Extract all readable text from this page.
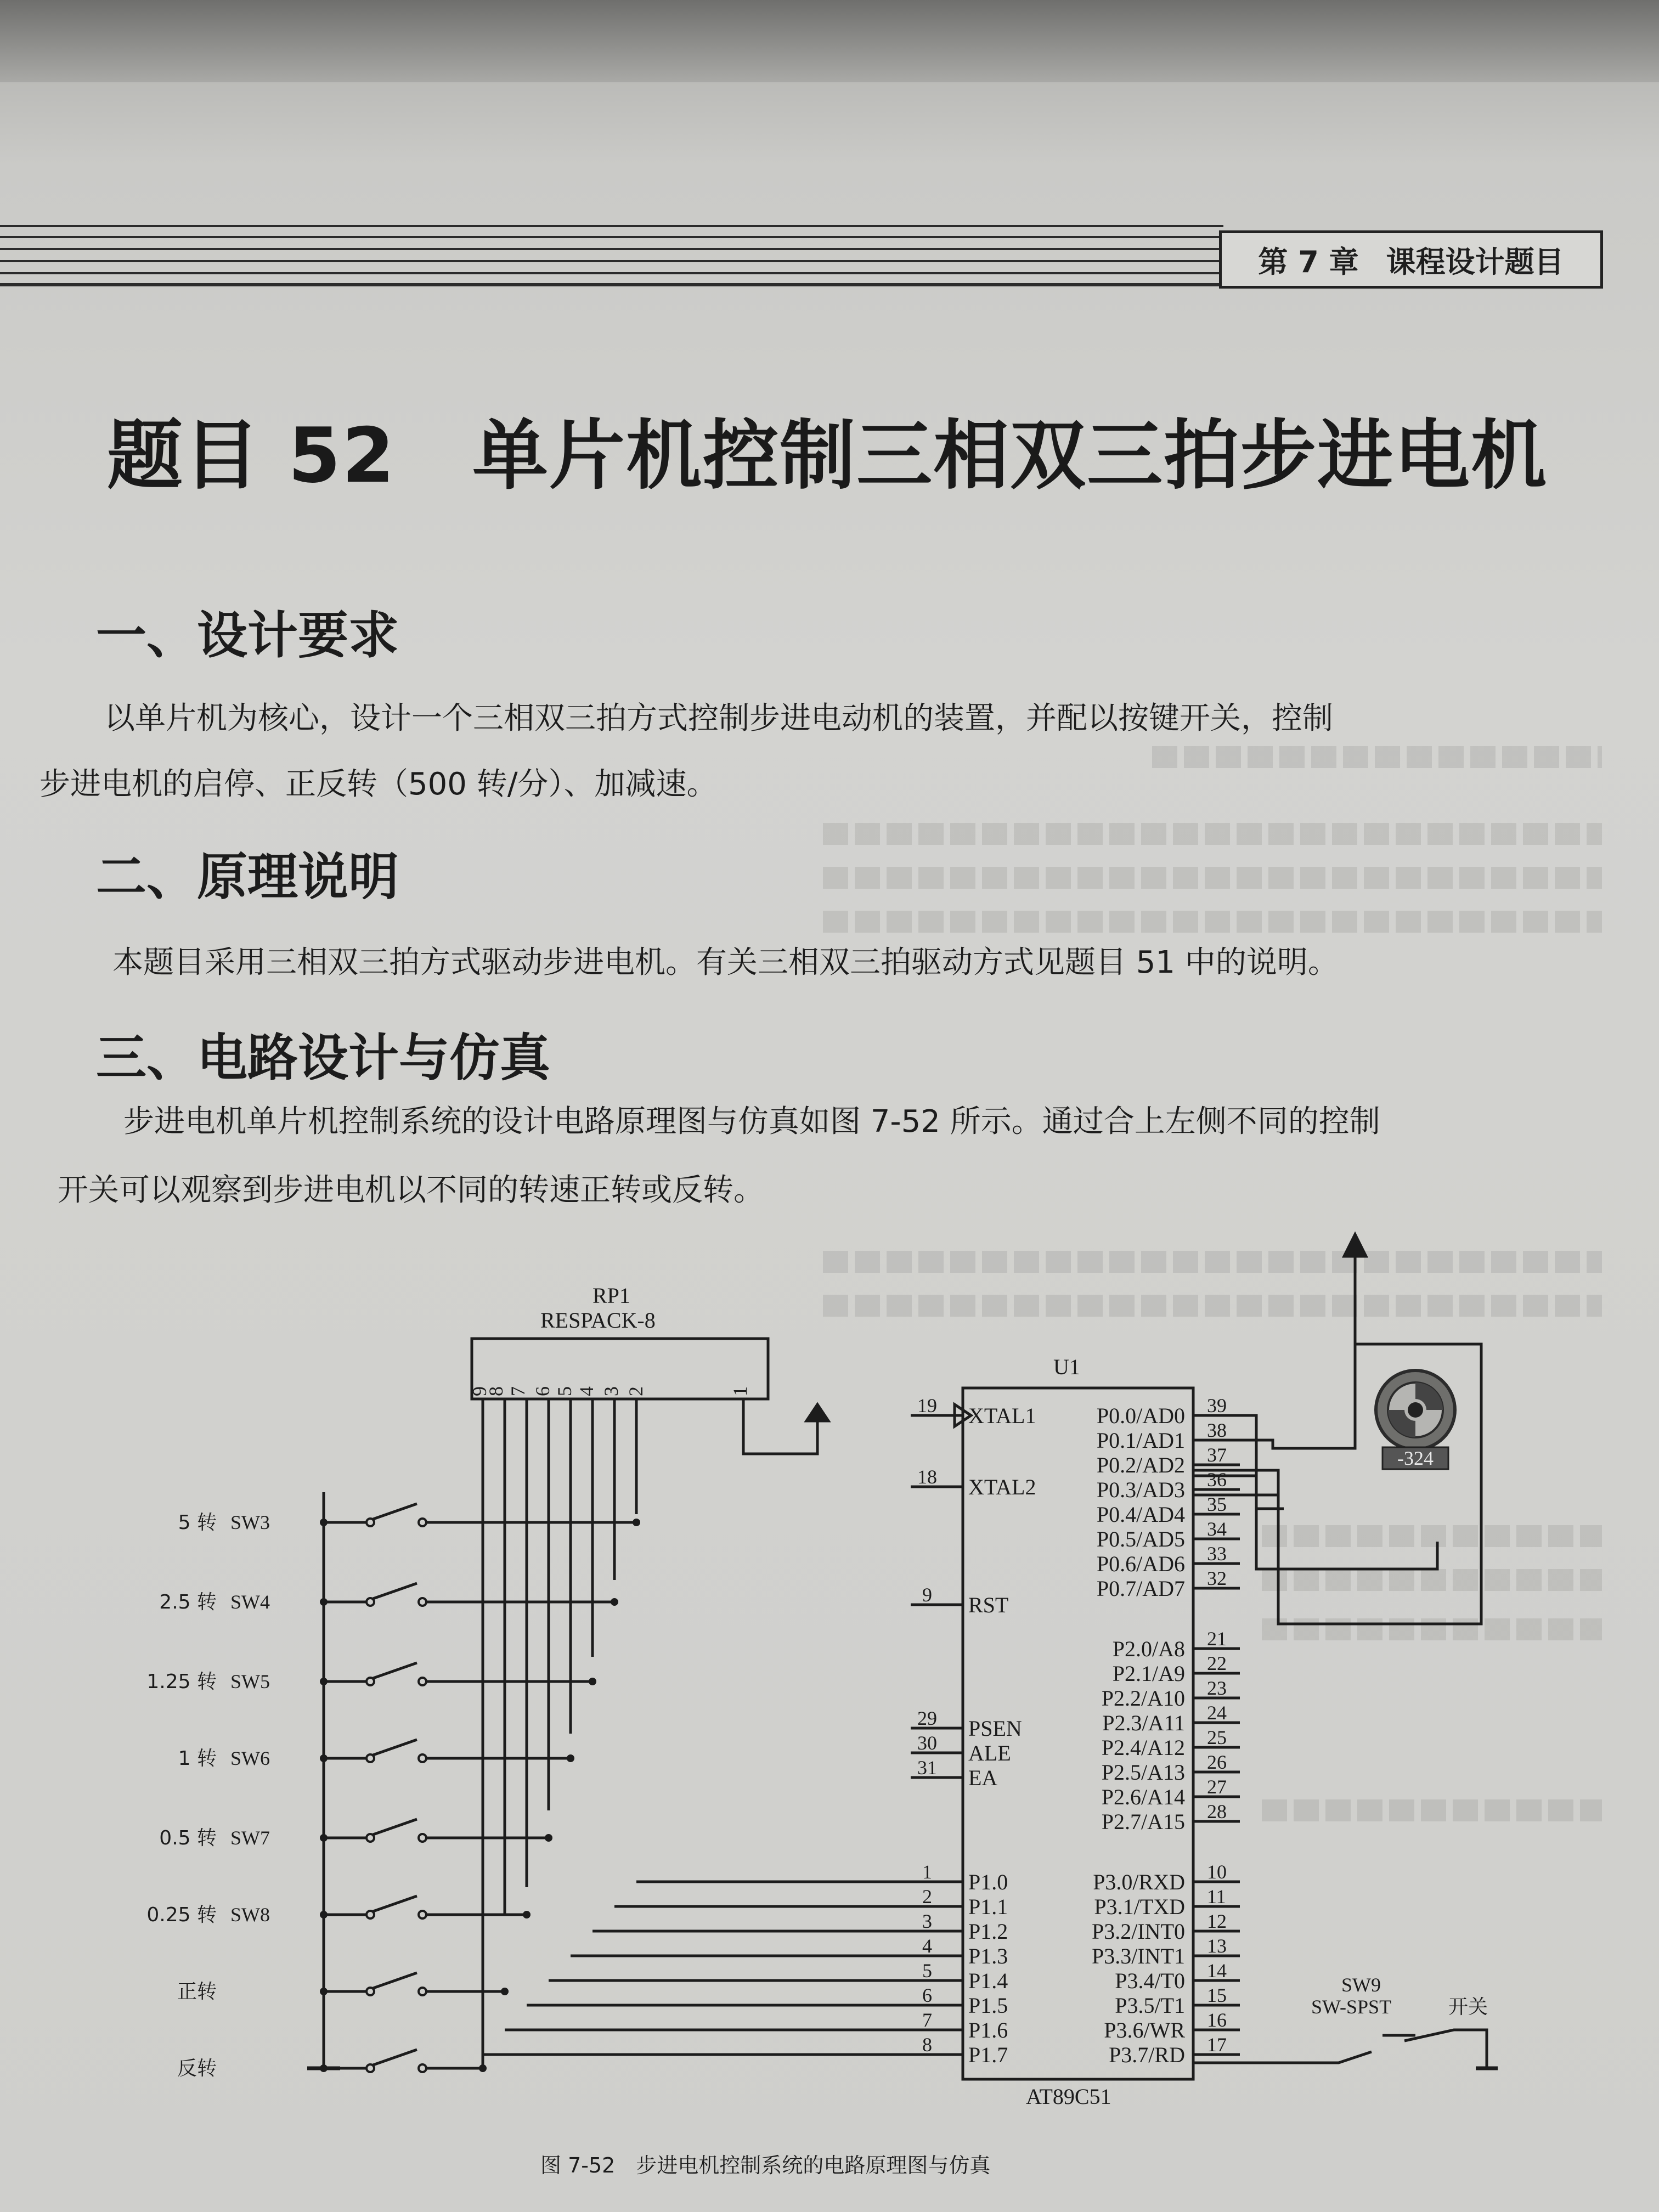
第 7 章 课程设计题目
题目 52　单片机控制三相双三拍步进电机
一、设计要求
以单片机为核心，设计一个三相双三拍方式控制步进电动机的装置，并配以按键开关，控制
步进电机的启停、正反转（500 转/分）、加减速。
二、原理说明
本题目采用三相双三拍方式驱动步进电机。有关三相双三拍驱动方式见题目 51 中的说明。
三、电路设计与仿真
步进电机单片机控制系统的设计电路原理图与仿真如图 7-52 所示。通过合上左侧不同的控制
开关可以观察到步进电机以不同的转速正转或反转。
-324
RP1
RESPACK-8
U1
AT89C51
SW9
SW-SPST	开关
9
8 7 6 5 4 3 2	1
19 XTAL1
18 XTAL2
9 RST
29 PSEN
30 ALE
31 EA
1 P1.0
2 P1.1
3 P1.2
4 P1.3
5 P1.4
6 P1.5
7 P1.6
8 P1.7
39
P0.0/AD0
38
P0.1/AD1
37
P0.2/AD2
36
P0.3/AD3
35
P0.4/AD4
34
P0.5/AD5
33
P0.6/AD6
32
P0.7/AD7
21
P2.0/A8
22
P2.1/A9
23
P2.2/A10
24
P2.3/A11
25
P2.4/A12
26
P2.5/A13
27
P2.6/A14
28
P2.7/A15
10
P3.0/RXD
11
P3.1/TXD
12
P3.2/INT0
13
P3.3/INT1
14
P3.4/T0
15
P3.5/T1
16
P3.6/WR
17
P3.7/RD
5 转 SW3
2.5 转 SW4
1.25 转 SW5
1 转 SW6
0.5 转 SW7
0.25 转 SW8
正转
反转
图 7-52　步进电机控制系统的电路原理图与仿真
